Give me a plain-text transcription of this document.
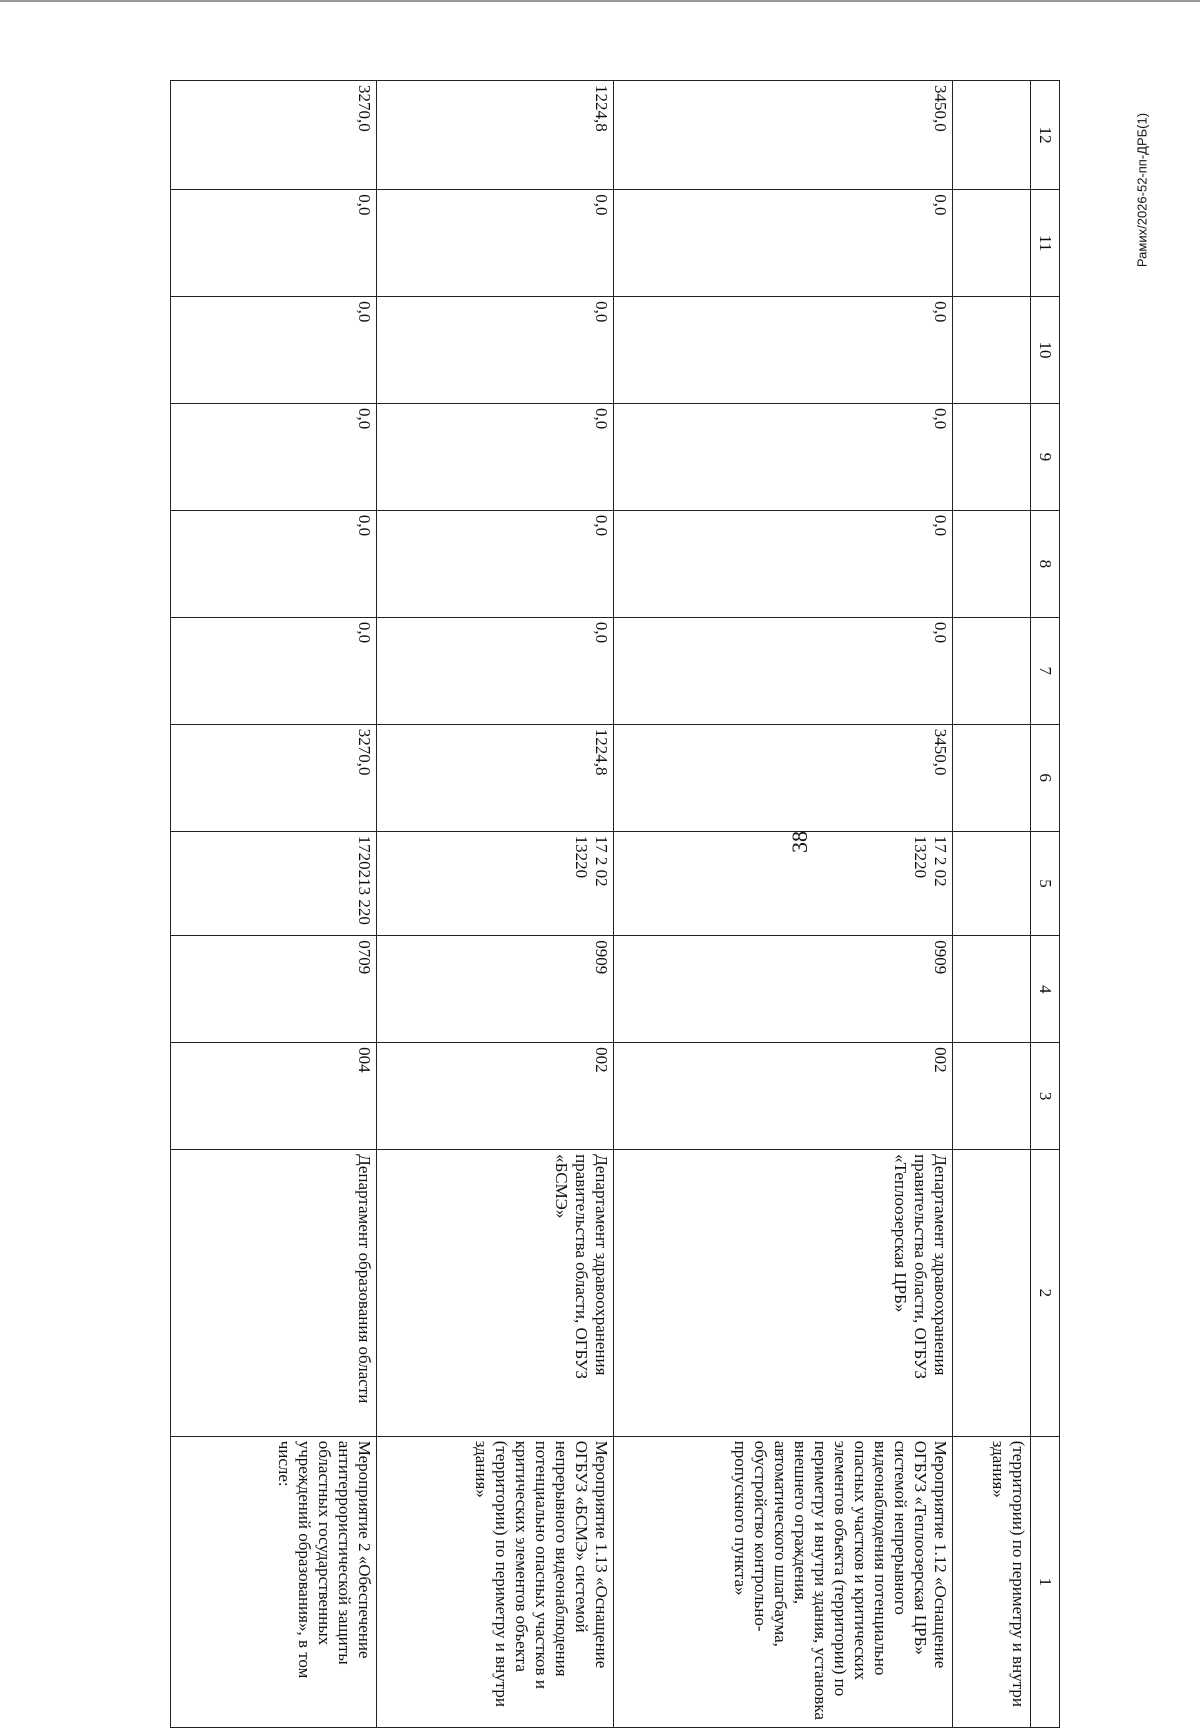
38
Рамих/2026-52-пп-ДРБ(1)
12	11	10	9	8	7	6	5	4	3	2	1
											(территории) по периметру и внутри здания»
3450,0	0,0	0,0	0,0	0,0	0,0	3450,0	17 2 02 13220	0909	002	Департамент здравоохранения правительства области, ОГБУЗ «Теплоозерская ЦРБ»	Мероприятие 1.12 «Оснащение ОГБУЗ «Теплоозерская ЦРБ» системой непрерывного видеонаблюдения потенциально опасных участков и критических элементов объекта (территории) по периметру и внутри здания, установка внешнего ограждения, автоматического шлагбаума, обустройство контрольно-пропускного пункта»
1224,8	0,0	0,0	0,0	0,0	0,0	1224,8	17 2 02 13220	0909	002	Департамент здравоохранения правительства области, ОГБУЗ «БСМЭ»	Мероприятие 1.13 «Оснащение ОГБУЗ «БСМЭ» системой непрерывного видеонаблюдения потенциально опасных участков и критических элементов объекта (территории) по периметру и внутри здания»
3270,0	0,0	0,0	0,0	0,0	0,0	3270,0	1720213 220	0709	004	Департамент образования области	Мероприятие 2 «Обеспечение антитеррористической защиты областных государственных учреждений образования», в том числе:
